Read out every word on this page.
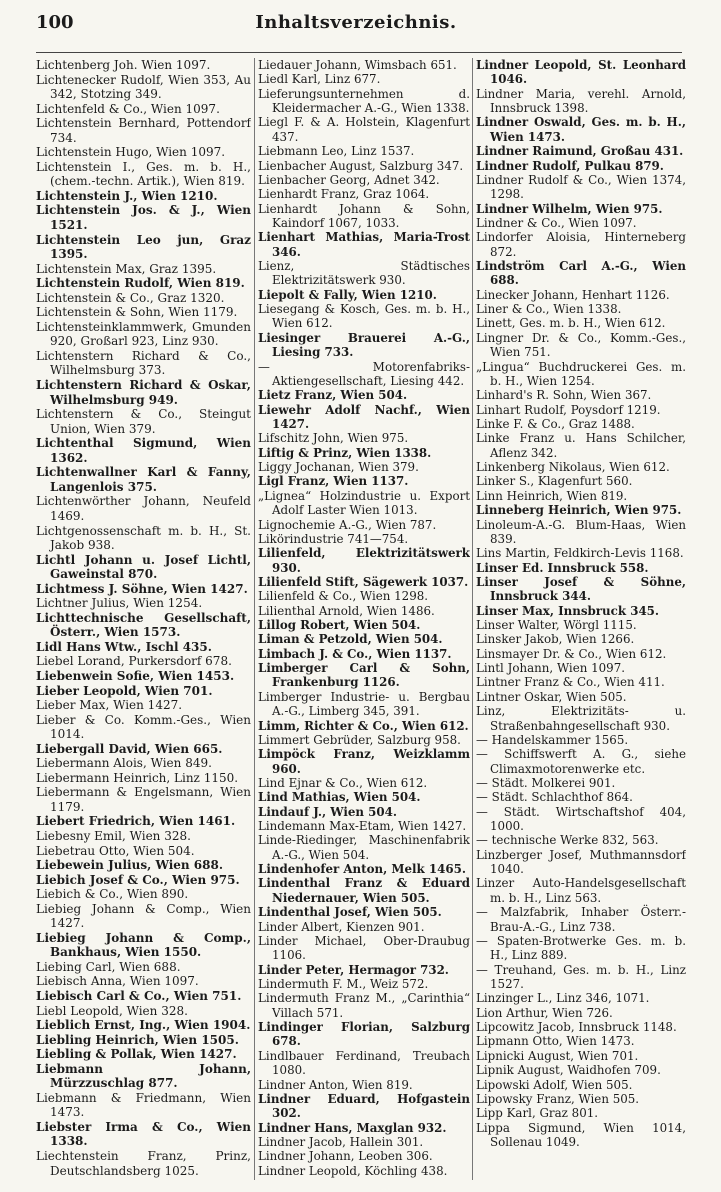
100	Inhaltsverzeichnis.
Lichtenberg Joh. Wien 1097.
Lichtenecker Rudolf, Wien 353, Au 342, Stotzing 349.
Lichtenfeld & Co., Wien 1097.
Lichtenstein Bernhard, Pottendorf 734.
Lichtenstein Hugo, Wien 1097.
Lichtenstein I., Ges. m. b. H., (chem.-techn. Artik.), Wien 819.
Lichtenstein J., Wien 1210.
Lichtenstein Jos. & J., Wien 1521.
Lichtenstein Leo jun, Graz 1395.
Lichtenstein Max, Graz 1395.
Lichtenstein Rudolf, Wien 819.
Lichtenstein & Co., Graz 1320.
Lichtenstein & Sohn, Wien 1179.
Lichtensteinklammwerk, Gmunden 920, Großarl 923, Linz 930.
Lichtenstern Richard & Co., Wilhelmsburg 373.
Lichtenstern Richard & Oskar, Wilhelmsburg 949.
Lichtenstern & Co., Steingut Union, Wien 379.
Lichtenthal Sigmund, Wien 1362.
Lichtenwallner Karl & Fanny, Langenlois 375.
Lichtenwörther Johann, Neufeld 1469.
Lichtgenossenschaft m. b. H., St. Jakob 938.
Lichtl Johann u. Josef Lichtl, Gaweinstal 870.
Lichtmess J. Söhne, Wien 1427.
Lichtner Julius, Wien 1254.
Lichttechnische Gesellschaft, Österr., Wien 1573.
Lidl Hans Wtw., Ischl 435.
Liebel Lorand, Purkersdorf 678.
Liebenwein Sofie, Wien 1453.
Lieber Leopold, Wien 701.
Lieber Max, Wien 1427.
Lieber & Co. Komm.-Ges., Wien 1014.
Liebergall David, Wien 665.
Liebermann Alois, Wien 849.
Liebermann Heinrich, Linz 1150.
Liebermann & Engelsmann, Wien 1179.
Liebert Friedrich, Wien 1461.
Liebesny Emil, Wien 328.
Liebetrau Otto, Wien 504.
Liebewein Julius, Wien 688.
Liebich Josef & Co., Wien 975.
Liebich & Co., Wien 890.
Liebieg Johann & Comp., Wien 1427.
Liebieg Johann & Comp., Bankhaus, Wien 1550.
Liebing Carl, Wien 688.
Liebisch Anna, Wien 1097.
Liebisch Carl & Co., Wien 751.
Liebl Leopold, Wien 328.
Lieblich Ernst, Ing., Wien 1904.
Liebling Heinrich, Wien 1505.
Liebling & Pollak, Wien 1427.
Liebmann Johann, Mürzzuschlag 877.
Liebmann & Friedmann, Wien 1473.
Liebster Irma & Co., Wien 1338.
Liechtenstein Franz, Prinz, Deutschlandsberg 1025.
Liedauer Johann, Wimsbach 651.
Liedl Karl, Linz 677.
Lieferungsunternehmen d. Kleidermacher A.-G., Wien 1338.
Liegl F. & A. Holstein, Klagenfurt 437.
Liebmann Leo, Linz 1537.
Lienbacher August, Salzburg 347.
Lienbacher Georg, Adnet 342.
Lienhardt Franz, Graz 1064.
Lienhardt Johann & Sohn, Kaindorf 1067, 1033.
Lienhart Mathias, Maria-Trost 346.
Lienz, Städtisches Elektrizitätswerk 930.
Liepolt & Fally, Wien 1210.
Liesegang & Kosch, Ges. m. b. H., Wien 612.
Liesinger Brauerei A.-G., Liesing 733.
— Motorenfabriks-Aktiengesellschaft, Liesing 442.
Lietz Franz, Wien 504.
Liewehr Adolf Nachf., Wien 1427.
Lifschitz John, Wien 975.
Liftig & Prinz, Wien 1338.
Liggy Jochanan, Wien 379.
Ligl Franz, Wien 1137.
„Lignea“ Holzindustrie u. Export Adolf Laster Wien 1013.
Lignochemie A.-G., Wien 787.
Likörindustrie 741—754.
Lilienfeld, Elektrizitätswerk 930.
Lilienfeld Stift, Sägewerk 1037.
Lilienfeld & Co., Wien 1298.
Lilienthal Arnold, Wien 1486.
Lillog Robert, Wien 504.
Liman & Petzold, Wien 504.
Limbach J. & Co., Wien 1137.
Limberger Carl & Sohn, Frankenburg 1126.
Limberger Industrie- u. Bergbau A.-G., Limberg 345, 391.
Limm, Richter & Co., Wien 612.
Limmert Gebrüder, Salzburg 958.
Limpöck Franz, Weizklamm 960.
Lind Ejnar & Co., Wien 612.
Lind Mathias, Wien 504.
Lindauf J., Wien 504.
Lindemann Max-Etam, Wien 1427.
Linde-Riedinger, Maschinenfabrik A.-G., Wien 504.
Lindenhofer Anton, Melk 1465.
Lindenthal Franz & Eduard Niedernauer, Wien 505.
Lindenthal Josef, Wien 505.
Linder Albert, Kienzen 901.
Linder Michael, Ober-Draubug 1106.
Linder Peter, Hermagor 732.
Lindermuth F. M., Weiz 572.
Lindermuth Franz M., „Carinthia“ Villach 571.
Lindinger Florian, Salzburg 678.
Lindlbauer Ferdinand, Treubach 1080.
Lindner Anton, Wien 819.
Lindner Eduard, Hofgastein 302.
Lindner Hans, Maxglan 932.
Lindner Jacob, Hallein 301.
Lindner Johann, Leoben 306.
Lindner Leopold, Köchling 438.
Lindner Leopold, St. Leonhard 1046.
Lindner Maria, verehl. Arnold, Innsbruck 1398.
Lindner Oswald, Ges. m. b. H., Wien 1473.
Lindner Raimund, Großau 431.
Lindner Rudolf, Pulkau 879.
Lindner Rudolf & Co., Wien 1374, 1298.
Lindner Wilhelm, Wien 975.
Lindner & Co., Wien 1097.
Lindorfer Aloisia, Hinterneberg 872.
Lindström Carl A.-G., Wien 688.
Linecker Johann, Henhart 1126.
Liner & Co., Wien 1338.
Linett, Ges. m. b. H., Wien 612.
Lingner Dr. & Co., Komm.-Ges., Wien 751.
„Lingua“ Buchdruckerei Ges. m. b. H., Wien 1254.
Linhard's R. Sohn, Wien 367.
Linhart Rudolf, Poysdorf 1219.
Linke F. & Co., Graz 1488.
Linke Franz u. Hans Schilcher, Aflenz 342.
Linkenberg Nikolaus, Wien 612.
Linker S., Klagenfurt 560.
Linn Heinrich, Wien 819.
Linneberg Heinrich, Wien 975.
Linoleum-A.-G. Blum-Haas, Wien 839.
Lins Martin, Feldkirch-Levis 1168.
Linser Ed. Innsbruck 558.
Linser Josef & Söhne, Innsbruck 344.
Linser Max, Innsbruck 345.
Linser Walter, Wörgl 1115.
Linsker Jakob, Wien 1266.
Linsmayer Dr. & Co., Wien 612.
Lintl Johann, Wien 1097.
Lintner Franz & Co., Wien 411.
Lintner Oskar, Wien 505.
Linz, Elektrizitäts- u. Straßenbahngesellschaft 930.
— Handelskammer 1565.
— Schiffswerft A. G., siehe Climaxmotorenwerke etc.
— Städt. Molkerei 901.
— Städt. Schlachthof 864.
— Städt. Wirtschaftshof 404, 1000.
— technische Werke 832, 563.
Linzberger Josef, Muthmannsdorf 1040.
Linzer Auto-Handelsgesellschaft m. b. H., Linz 563.
— Malzfabrik, Inhaber Österr.-Brau-A.-G., Linz 738.
— Spaten-Brotwerke Ges. m. b. H., Linz 889.
— Treuhand, Ges. m. b. H., Linz 1527.
Linzinger L., Linz 346, 1071.
Lion Arthur, Wien 726.
Lipcowitz Jacob, Innsbruck 1148.
Lipmann Otto, Wien 1473.
Lipnicki August, Wien 701.
Lipnik August, Waidhofen 709.
Lipowski Adolf, Wien 505.
Lipowsky Franz, Wien 505.
Lipp Karl, Graz 801.
Lippa Sigmund, Wien 1014, Sollenau 1049.
